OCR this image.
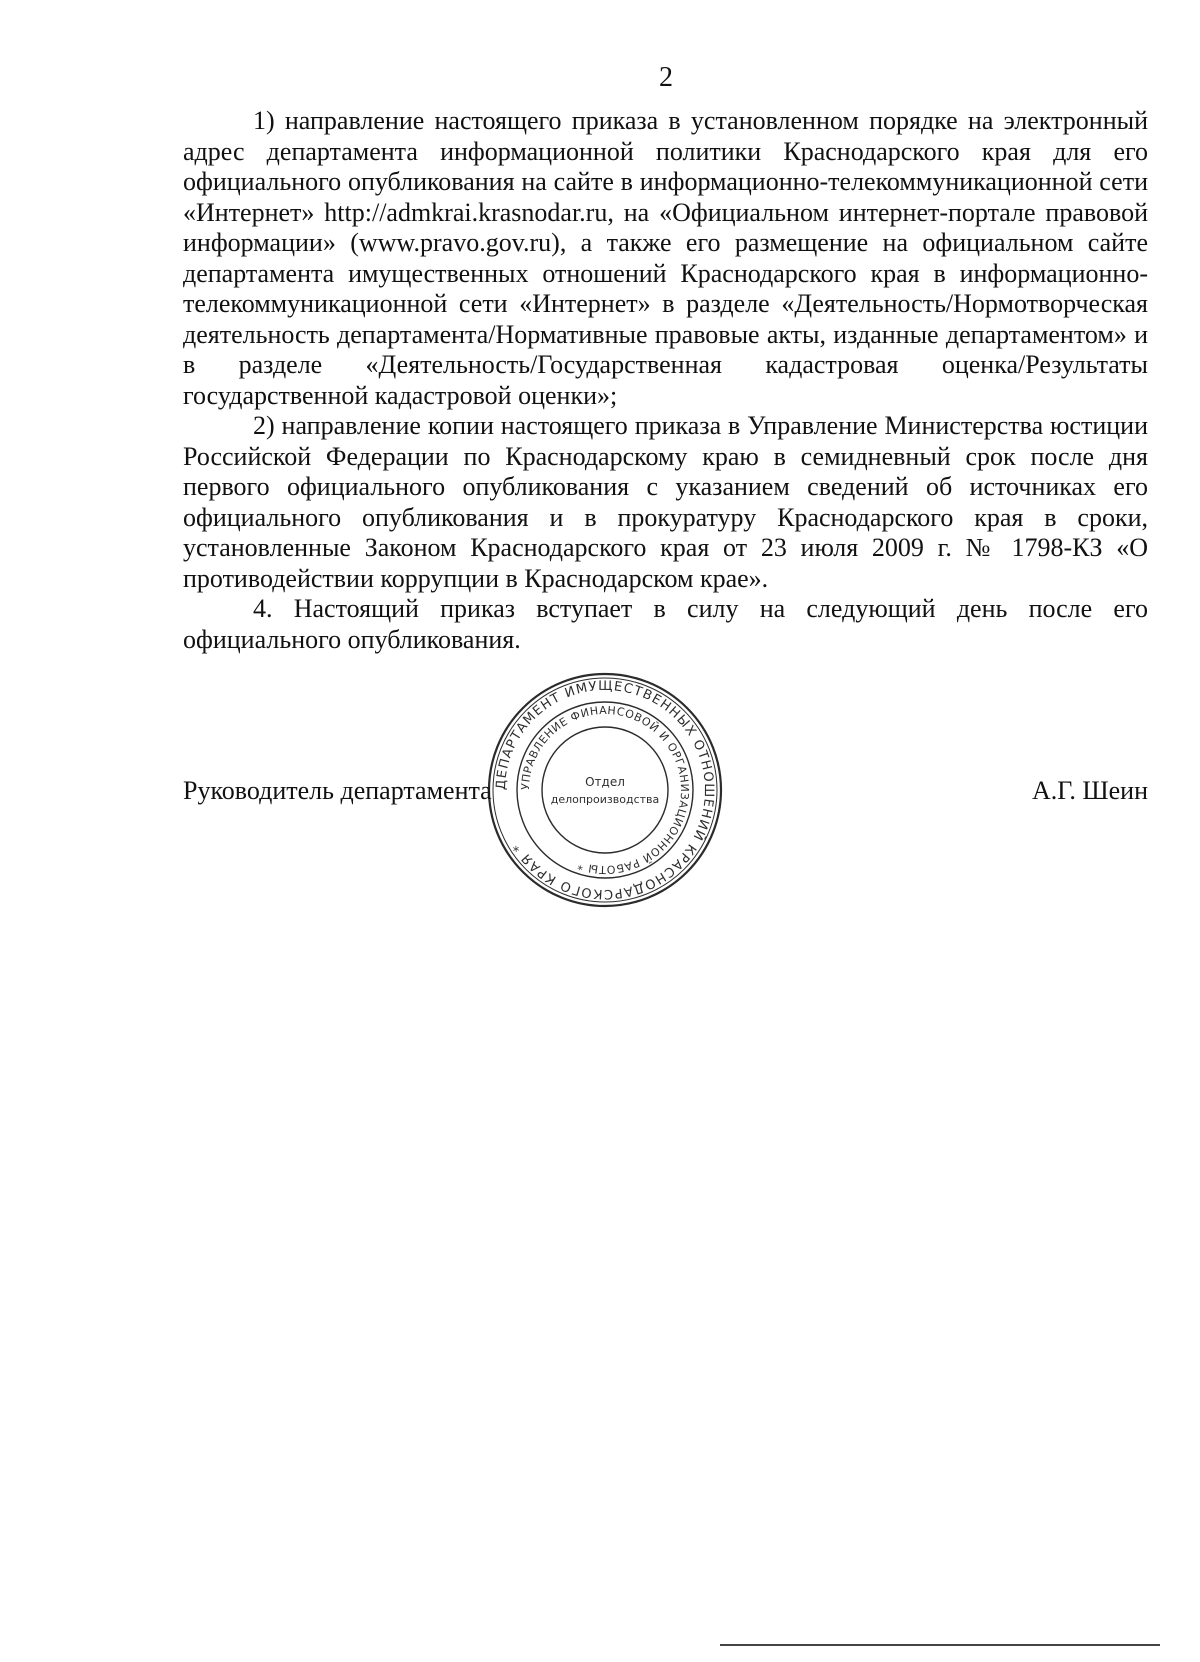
2

1) направление настоящего приказа в установленном порядке на электронный адрес департамента информационной политики Краснодарского края для его официального опубликования на сайте в информационно-телекоммуникационной сети «Интернет» http://admkrai.krasnodar.ru, на «Официальном интернет-портале правовой информации» (www.pravo.gov.ru), а также его размещение на официальном сайте департамента имущественных отношений Краснодарского края в информационно-телекоммуникационной сети «Интернет» в разделе «Деятельность/Нормотворческая деятельность департамента/Нормативные правовые акты, изданные департаментом» и в разделе «Деятельность/Государственная кадастровая оценка/Результаты государственной кадастровой оценки»;

2) направление копии настоящего приказа в Управление Министерства юстиции Российской Федерации по Краснодарскому краю в семидневный срок после дня первого официального опубликования с указанием сведений об источниках его официального опубликования и в прокуратуру Краснодарского края в сроки, установленные Законом Краснодарского края от 23 июля 2009 г. № 1798-КЗ «О противодействии коррупции в Краснодарском крае».

4. Настоящий приказ вступает в силу на следующий день после его официального опубликования.

Руководитель департамента	А.Г. Шеин
ДЕПАРТАМЕНТ ИМУЩЕСТВЕННЫХ ОТНОШЕНИЙ КРАСНОДАРСКОГО КРАЯ *
УПРАВЛЕНИЕ ФИНАНСОВОЙ И ОРГАНИЗАЦИОННОЙ РАБОТЫ *
Отдел
делопроизводства
